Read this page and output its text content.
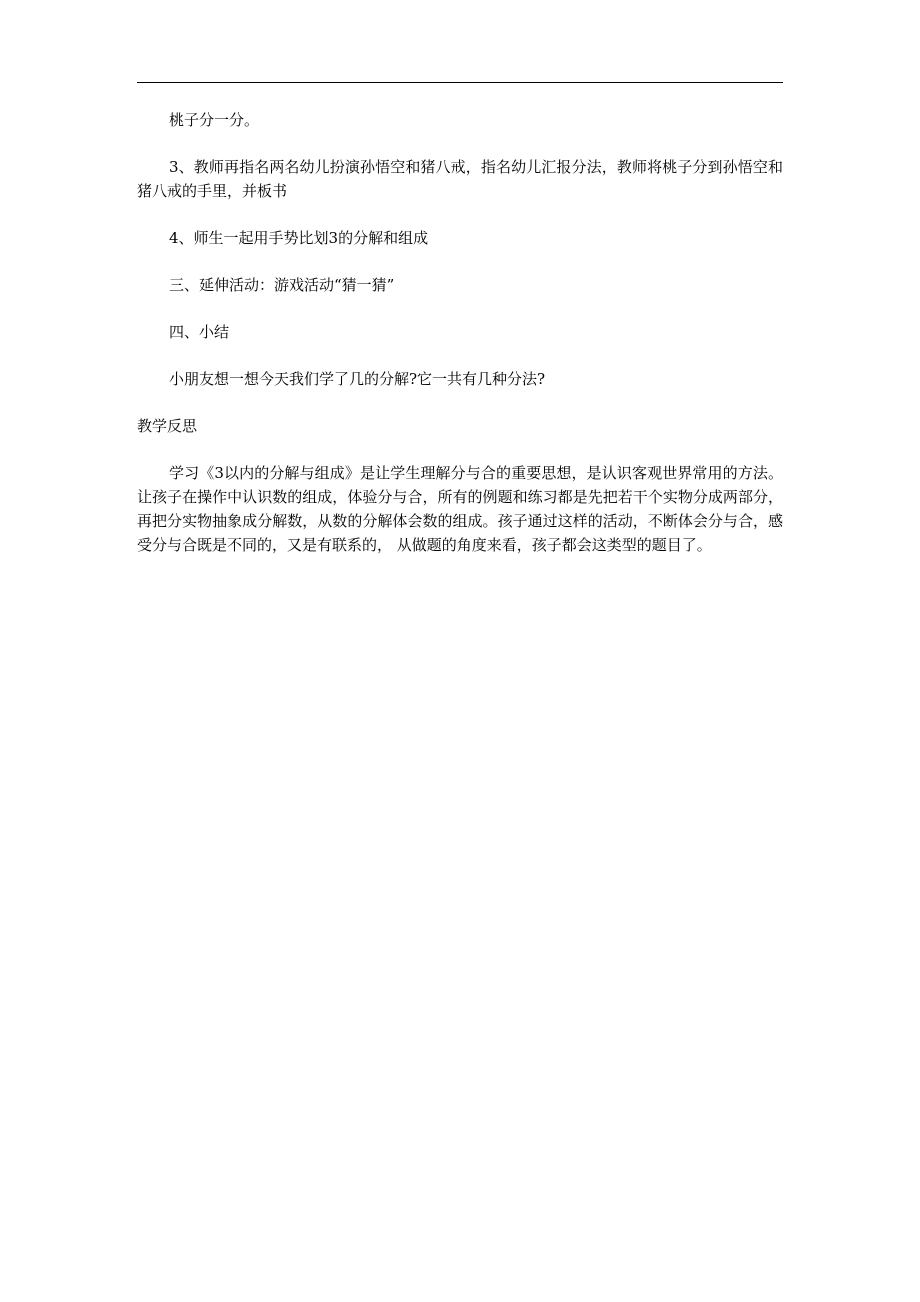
桃子分一分。

3、教师再指名两名幼儿扮演孙悟空和猪八戒，指名幼儿汇报分法，教师将桃子分到孙悟空和猪八戒的手里，并板书

4、师生一起用手势比划3的分解和组成

三、延伸活动：游戏活动“猜一猜”

四、小结

小朋友想一想今天我们学了几的分解?它一共有几种分法?

教学反思

学习《3以内的分解与组成》是让学生理解分与合的重要思想，是认识客观世界常用的方法。让孩子在操作中认识数的组成，体验分与合，所有的例题和练习都是先把若干个实物分成两部分，再把分实物抽象成分解数，从数的分解体会数的组成。孩子通过这样的活动，不断体会分与合，感受分与合既是不同的，又是有联系的， 从做题的角度来看，孩子都会这类型的题目了。
